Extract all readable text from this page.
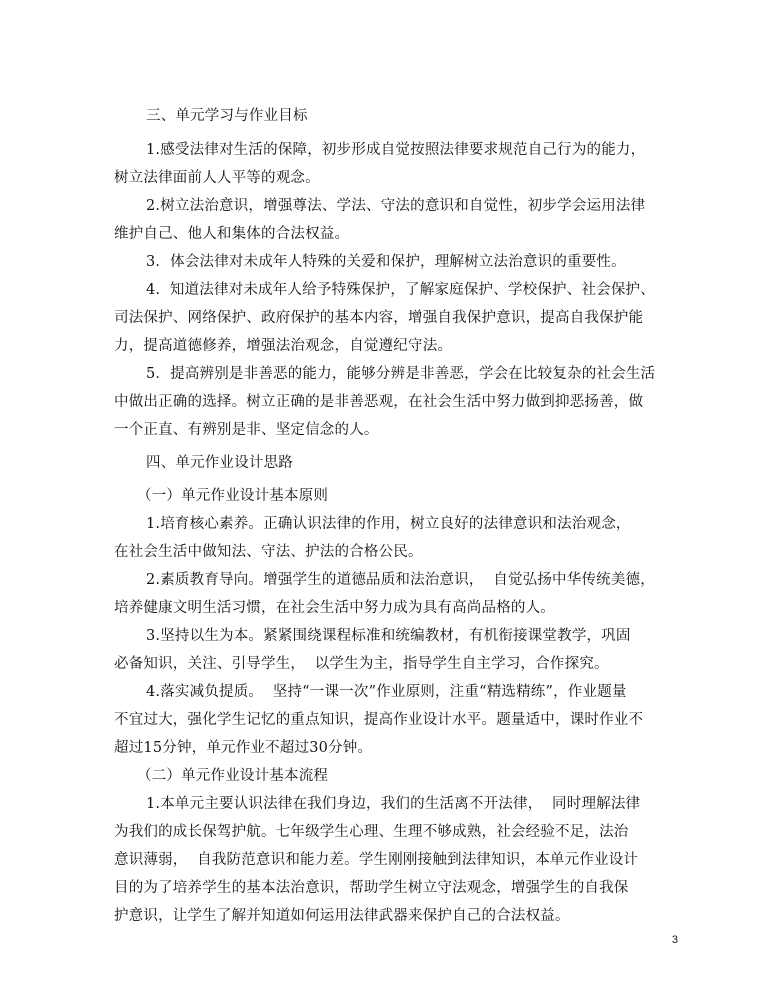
三、单元学习与作业目标
1.感受法律对生活的保障，初步形成自觉按照法律要求规范自己行为的能力，
树立法律面前人人平等的观念。
2.树立法治意识，增强尊法、学法、守法的意识和自觉性，初步学会运用法律
维护自己、他人和集体的合法权益。
3．体会法律对未成年人特殊的关爱和保护，理解树立法治意识的重要性。
4.  知道法律对未成年人给予特殊保护，了解家庭保护、学校保护、社会保护、
司法保护、网络保护、政府保护的基本内容，增强自我保护意识，提高自我保护能
力，提高道德修养，增强法治观念，自觉遵纪守法。
5．提高辨别是非善恶的能力，能够分辨是非善恶，学会在比较复杂的社会生活
中做出正确的选择。树立正确的是非善恶观，在社会生活中努力做到抑恶扬善，做
一个正直、有辨别是非、坚定信念的人。
四、单元作业设计思路
（一）单元作业设计基本原则
1.培育核心素养。正确认识法律的作用，树立良好的法律意识和法治观念，
在社会生活中做知法、守法、护法的合格公民。
2.素质教育导向。增强学生的道德品质和法治意识，  自觉弘扬中华传统美德，
培养健康文明生活习惯，在社会生活中努力成为具有高尚品格的人。
3.坚持以生为本。紧紧围绕课程标准和统编教材，有机衔接课堂教学，巩固
必备知识，关注、引导学生，  以学生为主，指导学生自主学习，合作探究。
4.落实减负提质。  坚持“一课一次”作业原则，注重“精选精练”，作业题量
不宜过大，强化学生记忆的重点知识，提高作业设计水平。题量适中，课时作业不
超过15分钟，单元作业不超过30分钟。
（二）单元作业设计基本流程
1.本单元主要认识法律在我们身边，我们的生活离不开法律，  同时理解法律
为我们的成长保驾护航。七年级学生心理、生理不够成熟，社会经验不足，法治
意识薄弱，  自我防范意识和能力差。学生刚刚接触到法律知识，本单元作业设计
目的为了培养学生的基本法治意识，帮助学生树立守法观念，增强学生的自我保
护意识，让学生了解并知道如何运用法律武器来保护自己的合法权益。
3
